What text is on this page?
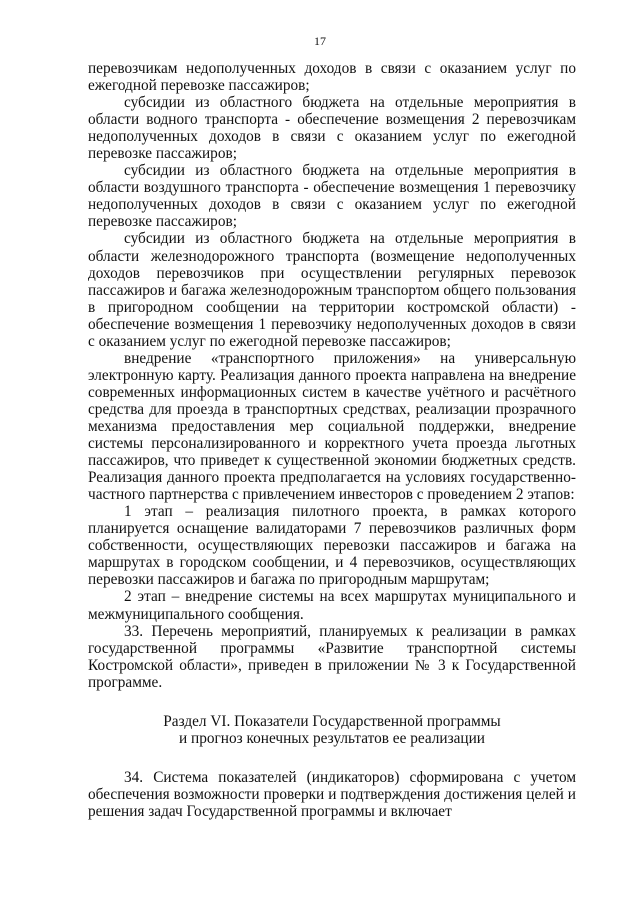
17

перевозчикам недополученных доходов в связи с оказанием услуг по ежегодной перевозке пассажиров;

субсидии из областного бюджета на отдельные мероприятия в области водного транспорта - обеспечение возмещения 2 перевозчикам недополученных доходов в связи с оказанием услуг по ежегодной перевозке пассажиров;

субсидии из областного бюджета на отдельные мероприятия в области воздушного транспорта - обеспечение возмещения 1 перевозчику недополученных доходов в связи с оказанием услуг по ежегодной перевозке пассажиров;

субсидии из областного бюджета на отдельные мероприятия в области железнодорожного транспорта (возмещение недополученных доходов перевозчиков при осуществлении регулярных перевозок пассажиров и багажа железнодорожным транспортом общего пользования в пригородном сообщении на территории костромской области) - обеспечение возмещения 1 перевозчику недополученных доходов в связи с оказанием услуг по ежегодной перевозке пассажиров;

внедрение «транспортного приложения» на универсальную электронную карту. Реализация данного проекта направлена на внедрение современных информационных систем в качестве учётного и расчётного средства для проезда в транспортных средствах, реализации прозрачного механизма предоставления мер социальной поддержки, внедрение системы персонализированного и корректного учета проезда льготных пассажиров, что приведет к существенной экономии бюджетных средств. Реализация данного проекта предполагается на условиях государственно-частного партнерства с привлечением инвесторов с проведением 2 этапов:

1 этап – реализация пилотного проекта, в рамках которого планируется оснащение валидаторами 7 перевозчиков различных форм собственности, осуществляющих перевозки пассажиров и багажа на маршрутах в городском сообщении, и 4 перевозчиков, осуществляющих перевозки пассажиров и багажа по пригородным маршрутам;

2 этап – внедрение системы на всех маршрутах муниципального и межмуниципального сообщения.

33. Перечень мероприятий, планируемых к реализации в рамках государственной программы «Развитие транспортной системы Костромской области», приведен в приложении № 3 к Государственной программе.

Раздел VI. Показатели Государственной программы
и прогноз конечных результатов ее реализации

34. Система показателей (индикаторов) сформирована с учетом обеспечения возможности проверки и подтверждения достижения целей и решения задач Государственной программы и включает
